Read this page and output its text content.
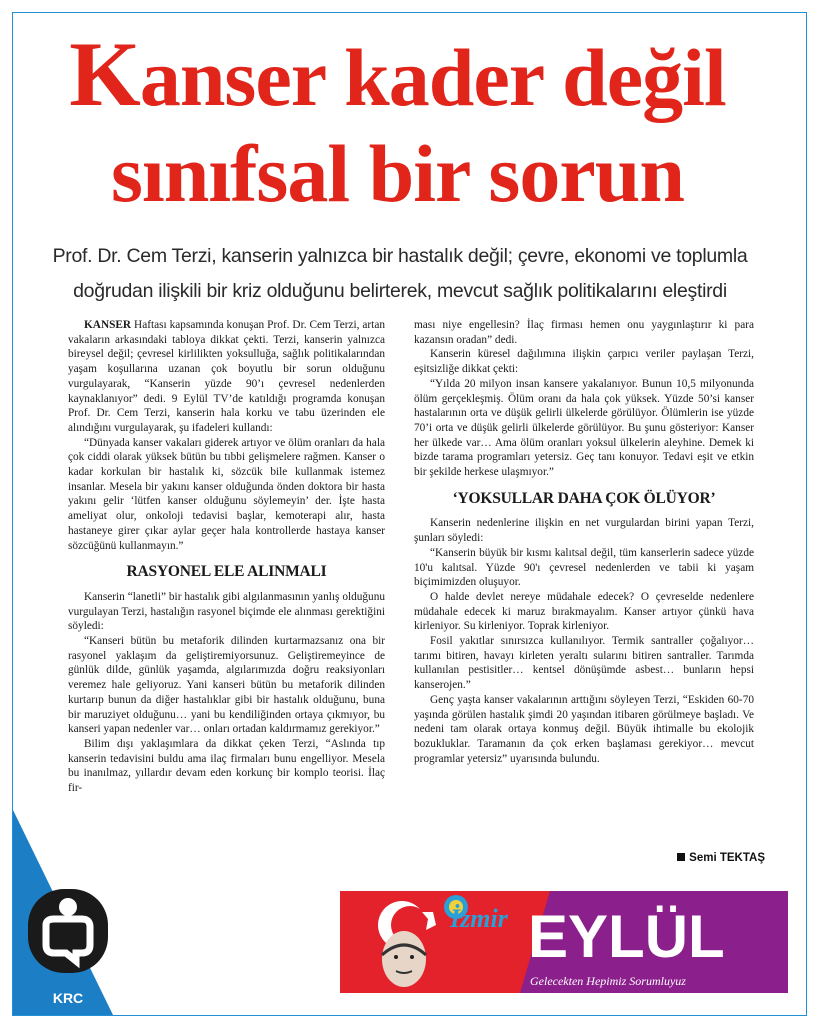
Kanser kader değil
sınıfsal bir sorun
Prof. Dr. Cem Terzi, kanserin yalnızca bir hastalık değil; çevre, ekonomi ve toplumla
doğrudan ilişkili bir kriz olduğunu belirterek, mevcut sağlık politikalarını eleştirdi

KANSER Haftası kapsamında konuşan Prof. Dr. Cem Terzi, artan vakaların arkasındaki tabloya dikkat çekti. Terzi, kanserin yalnızca bireysel değil; çevresel kirlilikten yoksulluğa, sağlık politikalarından yaşam koşullarına uzanan çok boyutlu bir sorun olduğunu vurgulayarak, “Kanserin yüzde 90’ı çevresel nedenlerden kaynaklanıyor” dedi. 9 Eylül TV’de katıldığı programda konuşan Prof. Dr. Cem Terzi, kanserin hala korku ve tabu üzerinden ele alındığını vurgulayarak, şu ifadeleri kullandı:

“Dünyada kanser vakaları giderek artıyor ve ölüm oranları da hala çok ciddi olarak yüksek bütün bu tıbbi gelişmelere rağmen. Kanser o kadar korkulan bir hastalık ki, sözcük bile kullanmak istemez insanlar. Mesela bir yakını kanser olduğunda önden doktora bir hasta yakını gelir ‘lütfen kanser olduğunu söylemeyin’ der. İşte hasta ameliyat olur, onkoloji tedavisi başlar, kemoterapi alır, hasta hastaneye girer çıkar aylar geçer hala kontrollerde hastaya kanser sözcüğünü kullanmayın.”

RASYONEL ELE ALINMALI

Kanserin “lanetli” bir hastalık gibi algılanmasının yanlış olduğunu vurgulayan Terzi, hastalığın rasyonel biçimde ele alınması gerektiğini söyledi:

“Kanseri bütün bu metaforik dilinden kurtarmazsanız ona bir rasyonel yaklaşım da geliştiremiyorsunuz. Geliştiremeyince de günlük dilde, günlük yaşamda, algılarımızda doğru reaksiyonları veremez hale geliyoruz. Yani kanseri bütün bu metaforik dilinden kurtarıp bunun da diğer hastalıklar gibi bir hastalık olduğunu, buna bir maruziyet olduğunu… yani bu kendiliğinden ortaya çıkmıyor, bu kanseri yapan nedenler var… onları ortadan kaldırmamız gerekiyor.”

Bilim dışı yaklaşımlara da dikkat çeken Terzi, “Aslında tıp kanserin tedavisini buldu ama ilaç firmaları bunu engelliyor. Mesela bu inanılmaz, yıllardır devam eden korkunç bir komplo teorisi. İlaç fir-

ması niye engellesin? İlaç firması hemen onu yaygınlaştırır ki para kazansın oradan” dedi.

Kanserin küresel dağılımına ilişkin çarpıcı veriler paylaşan Terzi, eşitsizliğe dikkat çekti:

“Yılda 20 milyon insan kansere yakalanıyor. Bunun 10,5 milyonunda ölüm gerçekleşmiş. Ölüm oranı da hala çok yüksek. Yüzde 50’si kanser hastalarının orta ve düşük gelirli ülkelerde görülüyor. Ölümlerin ise yüzde 70’i orta ve düşük gelirli ülkelerde görülüyor. Bu şunu gösteriyor: Kanser her ülkede var… Ama ölüm oranları yoksul ülkelerin aleyhine. Demek ki bizde tarama programları yetersiz. Geç tanı konuyor. Tedavi eşit ve etkin bir şekilde herkese ulaşmıyor.”

‘YOKSULLAR DAHA ÇOK ÖLÜYOR’

Kanserin nedenlerine ilişkin en net vurgulardan birini yapan Terzi, şunları söyledi:

“Kanserin büyük bir kısmı kalıtsal değil, tüm kanserlerin sadece yüzde 10'u kalıtsal. Yüzde 90'ı çevresel nedenlerden ve tabii ki yaşam biçimimizden oluşuyor.

O halde devlet nereye müdahale edecek? O çevreselde nedenlere müdahale edecek ki maruz bırakmayalım. Kanser artıyor çünkü hava kirleniyor. Su kirleniyor. Toprak kirleniyor.

Fosil yakıtlar sınırsızca kullanılıyor. Termik santraller çoğalıyor… tarımı bitiren, havayı kirleten yeraltı sularını bitiren santraller. Tarımda kullanılan pestisitler… kentsel dönüşümde asbest… bunların hepsi kanserojen.”

Genç yaşta kanser vakalarının arttığını söyleyen Terzi, “Eskiden 60-70 yaşında görülen hastalık şimdi 20 yaşından itibaren görülmeye başladı. Ve nedeni tam olarak ortaya konmuş değil. Büyük ihtimalle bu ekolojik bozukluklar. Taramanın da çok erken başlaması gerekiyor… mevcut programlar yetersiz” uyarısında bulundu.

Semi TEKTAŞ
KRC
İzmir EYLÜL
Gelecekten Hepimiz Sorumluyuz
